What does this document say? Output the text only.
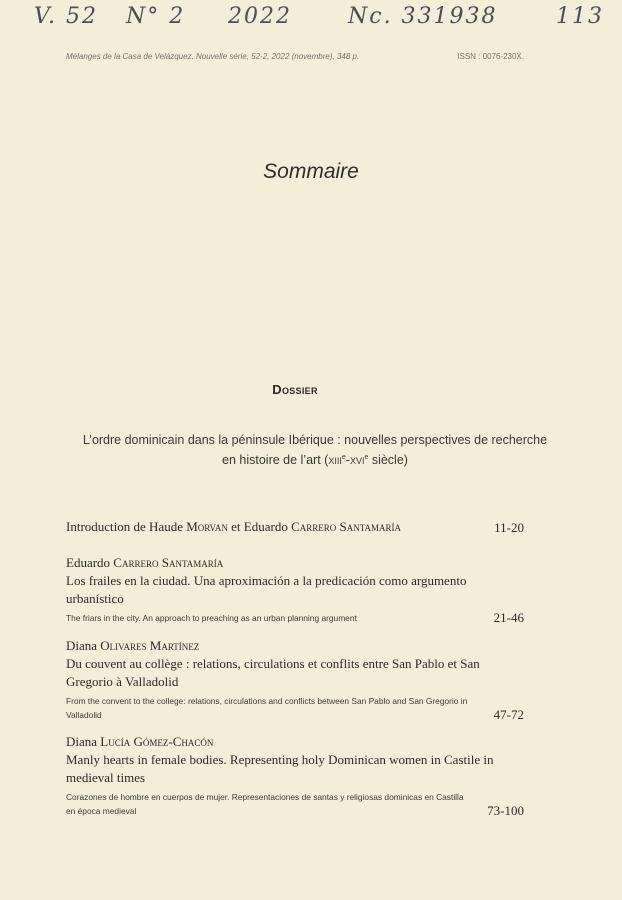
V. 52 N° 2 2022	Nc. 331938	113
Mélanges de la Casa de Velázquez. Nouvelle série, 52-2, 2022 (novembre), 348 p.	ISSN : 0076-230X.
Sommaire
Dossier
L’ordre dominicain dans la péninsule Ibérique : nouvelles perspectives de recherche
en histoire de l’art (xiii$^e$-xvi$^e$ siècle)
Introduction de Haude Morvan et Eduardo Carrero Santamaría	11-20
Eduardo Carrero Santamaría
Los frailes en la ciudad. Una aproximación a la predicación como argumento urbanístico
The friars in the city. An approach to preaching as an urban planning argument	21-46
Diana Olivares Martínez
Du couvent au collège : relations, circulations et conflits entre San Pablo et San Gregorio à Valladolid
From the convent to the college: relations, circulations and conflicts between San Pablo and San Gregorio in Valladolid	47-72
Diana Lucía Gómez-Chacón
Manly hearts in female bodies. Representing holy Dominican women in Castile in medieval times
Corazones de hombre en cuerpos de mujer. Representaciones de santas y religiosas dominicas en Castilla en época medieval	73-100
